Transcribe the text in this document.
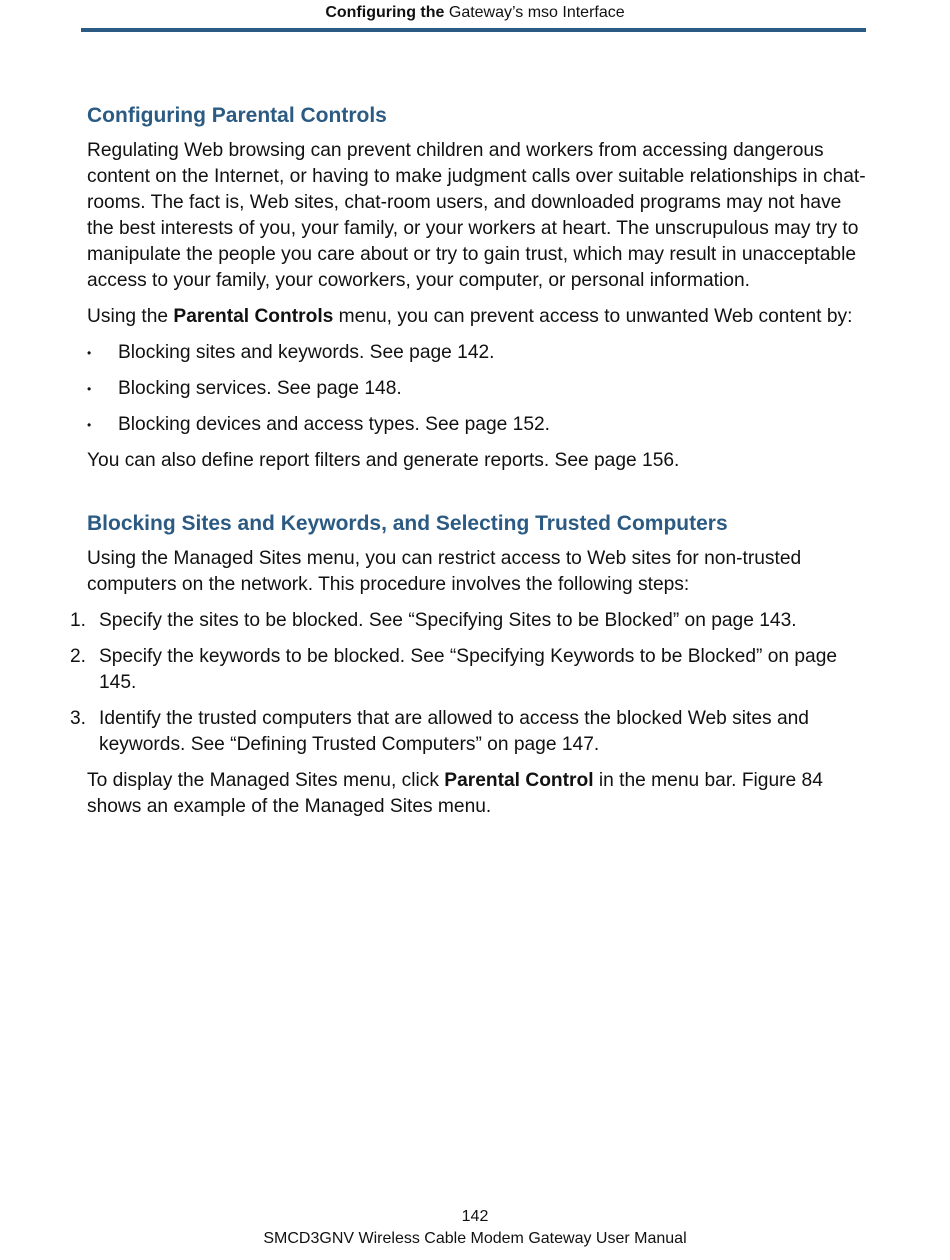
Configuring the Gateway’s mso Interface
Configuring Parental Controls

Regulating Web browsing can prevent children and workers from accessing dangerous content on the Internet, or having to make judgment calls over suitable relationships in chat-rooms. The fact is, Web sites, chat-room users, and downloaded programs may not have the best interests of you, your family, or your workers at heart. The unscrupulous may try to manipulate the people you care about or try to gain trust, which may result in unacceptable access to your family, your coworkers, your computer, or personal information.

Using the Parental Controls menu, you can prevent access to unwanted Web content by:

• Blocking sites and keywords. See page 142.
• Blocking services. See page 148.
• Blocking devices and access types. See page 152.

You can also define report filters and generate reports. See page 156.

Blocking Sites and Keywords, and Selecting Trusted Computers

Using the Managed Sites menu, you can restrict access to Web sites for non-trusted computers on the network. This procedure involves the following steps:

1. Specify the sites to be blocked. See “Specifying Sites to be Blocked” on page 143.
2. Specify the keywords to be blocked. See “Specifying Keywords to be Blocked” on page 145.
3. Identify the trusted computers that are allowed to access the blocked Web sites and keywords. See “Defining Trusted Computers” on page 147.

To display the Managed Sites menu, click Parental Control in the menu bar. Figure 84 shows an example of the Managed Sites menu.

142
SMCD3GNV Wireless Cable Modem Gateway User Manual
